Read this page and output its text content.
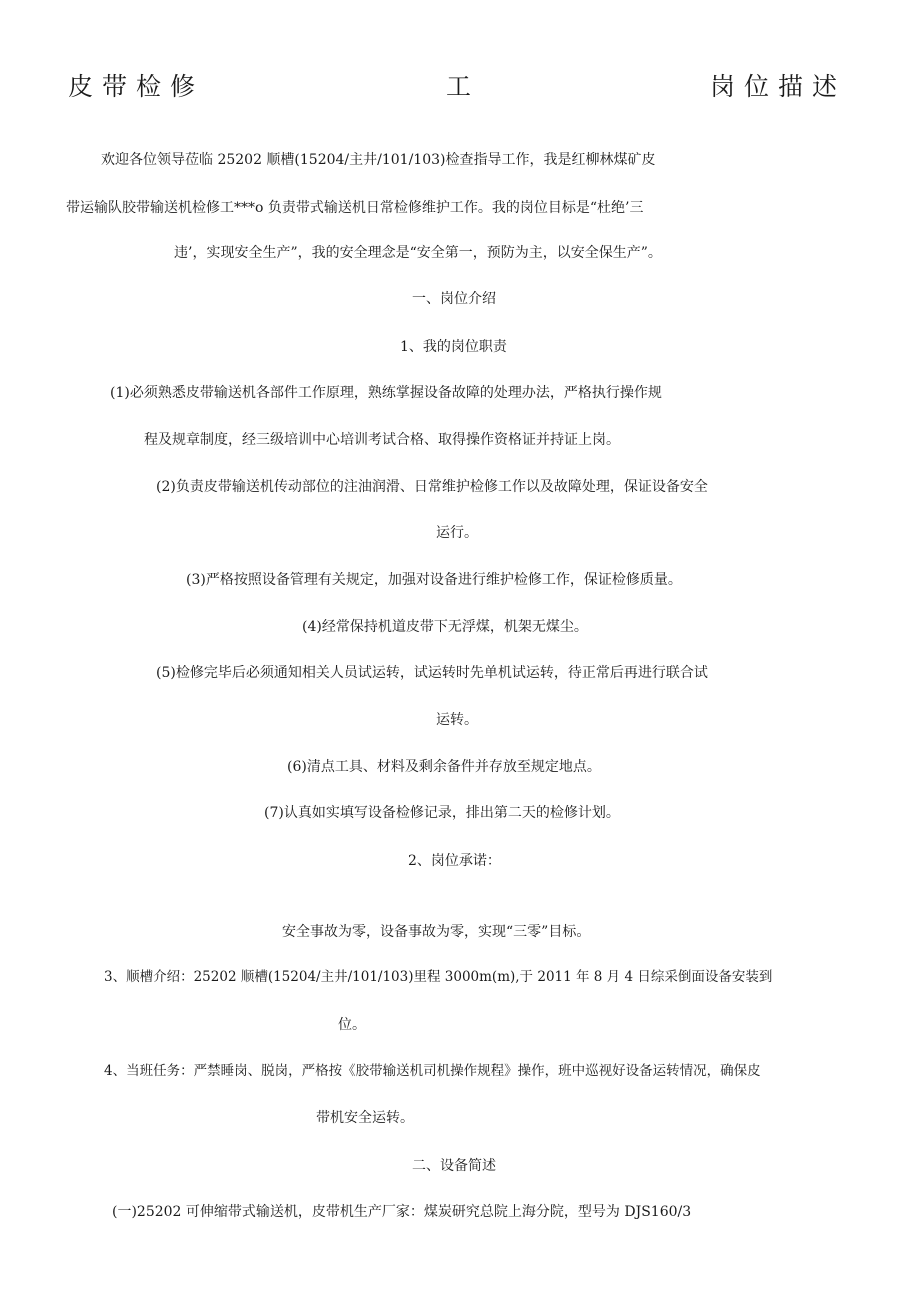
皮带检修	工	岗位描述
欢迎各位领导莅临 25202 顺槽(15204/主井/101/103)检查指导工作，我是红柳林煤矿皮
带运输队胶带输送机检修工***o 负责带式输送机日常检修维护工作。我的岗位目标是“杜绝’三
违’，实现安全生产”，我的安全理念是“安全第一，预防为主，以安全保生产”。
一、岗位介绍
1、我的岗位职责
(1)必须熟悉皮带输送机各部件工作原理，熟练掌握设备故障的处理办法，严格执行操作规
程及规章制度，经三级培训中心培训考试合格、取得操作资格证并持证上岗。
(2)负责皮带输送机传动部位的注油润滑、日常维护检修工作以及故障处理，保证设备安全
运行。
(3)严格按照设备管理有关规定，加强对设备进行维护检修工作，保证检修质量。
(4)经常保持机道皮带下无浮煤，机架无煤尘。
(5)检修完毕后必须通知相关人员试运转，试运转时先单机试运转，待正常后再进行联合试
运转。
(6)清点工具、材料及剩余备件并存放至规定地点。
(7)认真如实填写设备检修记录，排出第二天的检修计划。
2、岗位承诺：
安全事故为零，设备事故为零，实现“三零”目标。
3、顺槽介绍：25202 顺槽(15204/主井/101/103)里程 3000m(m),于 2011 年 8 月 4 日综采倒面设备安装到
位。
4、当班任务：严禁睡岗、脱岗，严格按《胶带输送机司机操作规程》操作，班中巡视好设备运转情况，确保皮
带机安全运转。
二、设备简述
(一)25202 可伸缩带式输送机，皮带机生产厂家：煤炭研究总院上海分院，型号为 DJS160/3
